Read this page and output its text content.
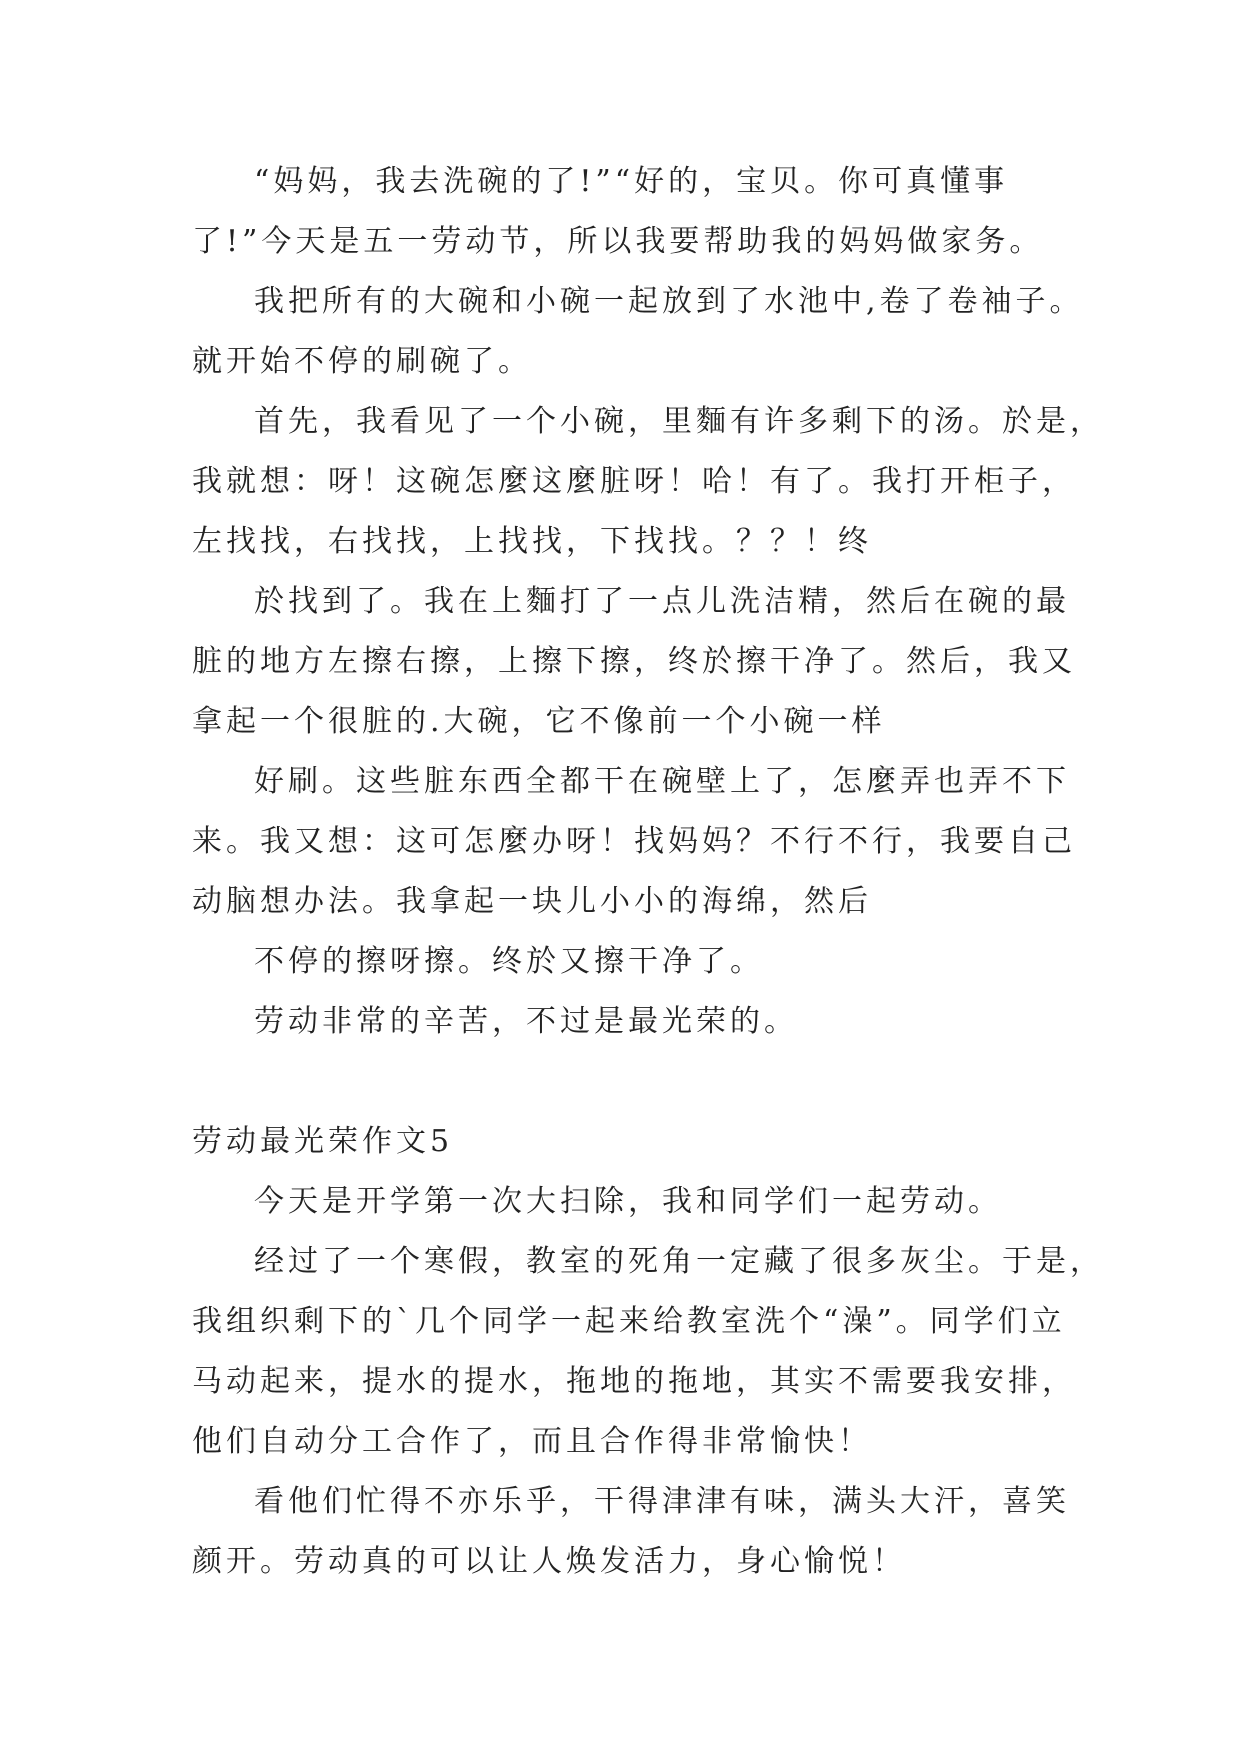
“妈妈，我去洗碗的了!”“好的，宝贝。你可真懂事
了!”今天是五一劳动节，所以我要帮助我的妈妈做家务。
我把所有的大碗和小碗一起放到了水池中,卷了卷袖子。
就开始不停的刷碗了。
首先，我看见了一个小碗，里麵有许多剩下的汤。於是，
我就想：呀！这碗怎麼这麼脏呀！哈！有了。我打开柜子，
左找找，右找找，上找找，下找找。？？！终
於找到了。我在上麵打了一点儿洗洁精，然后在碗的最
脏的地方左擦右擦，上擦下擦，终於擦干净了。然后，我又
拿起一个很脏的.大碗，它不像前一个小碗一样
好刷。这些脏东西全都干在碗壁上了，怎麼弄也弄不下
来。我又想：这可怎麼办呀！找妈妈？不行不行，我要自己
动脑想办法。我拿起一块儿小小的海绵，然后
不停的擦呀擦。终於又擦干净了。
劳动非常的辛苦，不过是最光荣的。
劳动最光荣作文5
今天是开学第一次大扫除，我和同学们一起劳动。
经过了一个寒假，教室的死角一定藏了很多灰尘。于是，
我组织剩下的`几个同学一起来给教室洗个“澡”。同学们立
马动起来，提水的提水，拖地的拖地，其实不需要我安排，
他们自动分工合作了，而且合作得非常愉快！
看他们忙得不亦乐乎，干得津津有味，满头大汗，喜笑
颜开。劳动真的可以让人焕发活力，身心愉悦！
